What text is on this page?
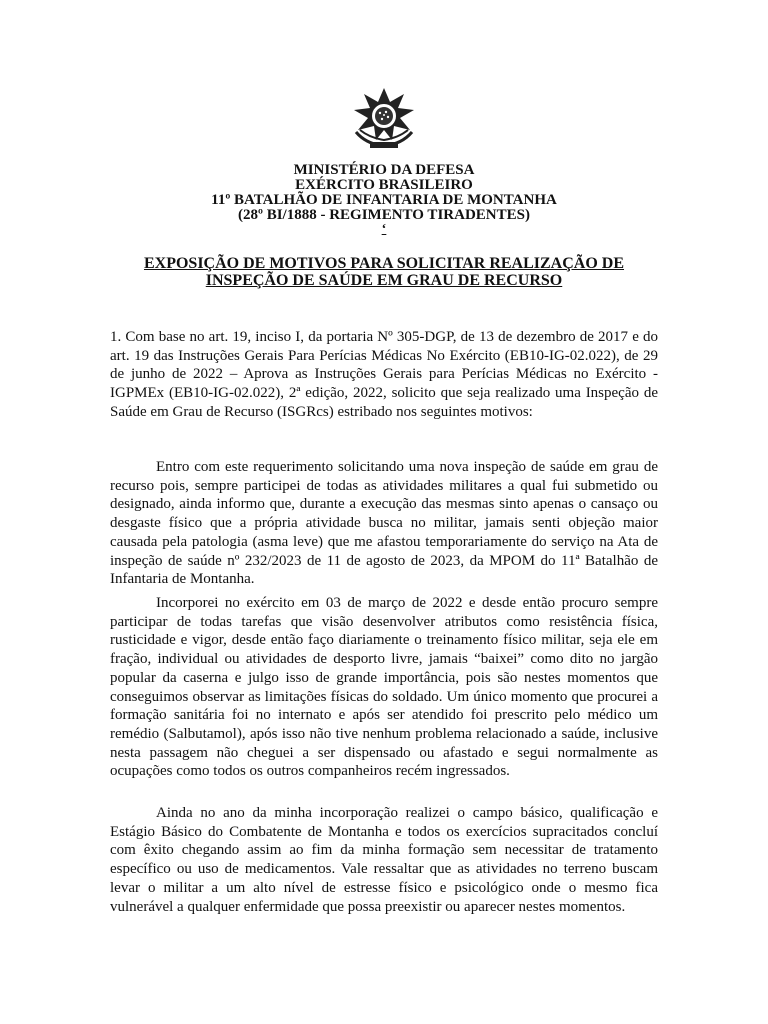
MINISTÉRIO DA DEFESA
EXÉRCITO BRASILEIRO
11º BATALHÃO DE INFANTARIA DE MONTANHA
(28º BI/1888 - REGIMENTO TIRADENTES)
‘
EXPOSIÇÃO DE MOTIVOS PARA SOLICITAR REALIZAÇÃO DE
INSPEÇÃO DE SAÚDE EM GRAU DE RECURSO

1. Com base no art. 19, inciso I, da portaria Nº 305-DGP, de 13 de dezembro de 2017 e do art. 19 das Instruções Gerais Para Perícias Médicas No Exército (EB10-IG-02.022), de 29 de junho de 2022 – Aprova as Instruções Gerais para Perícias Médicas no Exército - IGPMEx (EB10-IG-02.022), 2ª edição, 2022, solicito que seja realizado uma Inspeção de Saúde em Grau de Recurso (ISGRcs) estribado nos seguintes motivos:

Entro com este requerimento solicitando uma nova inspeção de saúde em grau de recurso pois, sempre participei de todas as atividades militares a qual fui submetido ou designado, ainda informo que, durante a execução das mesmas sinto apenas o cansaço ou desgaste físico que a própria atividade busca no militar, jamais senti objeção maior causada pela patologia (asma leve) que me afastou temporariamente do serviço na Ata de inspeção de saúde nº 232/2023 de 11 de agosto de 2023, da MPOM do 11ª Batalhão de Infantaria de Montanha.

Incorporei no exército em 03 de março de 2022 e desde então procuro sempre participar de todas tarefas que visão desenvolver atributos como resistência física, rusticidade e vigor, desde então faço diariamente o treinamento físico militar, seja ele em fração, individual ou atividades de desporto livre, jamais “baixei” como dito no jargão popular da caserna e julgo isso de grande importância, pois são nestes momentos que conseguimos observar as limitações físicas do soldado. Um único momento que procurei a formação sanitária foi no internato e após ser atendido foi prescrito pelo médico um remédio (Salbutamol), após isso não tive nenhum problema relacionado a saúde, inclusive nesta passagem não cheguei a ser dispensado ou afastado e segui normalmente as ocupações como todos os outros companheiros recém ingressados.

Ainda no ano da minha incorporação realizei o campo básico, qualificação e Estágio Básico do Combatente de Montanha e todos os exercícios supracitados concluí com êxito chegando assim ao fim da minha formação sem necessitar de tratamento específico ou uso de medicamentos. Vale ressaltar que as atividades no terreno buscam levar o militar a um alto nível de estresse físico e psicológico onde o mesmo fica vulnerável a qualquer enfermidade que possa preexistir ou aparecer nestes momentos.
